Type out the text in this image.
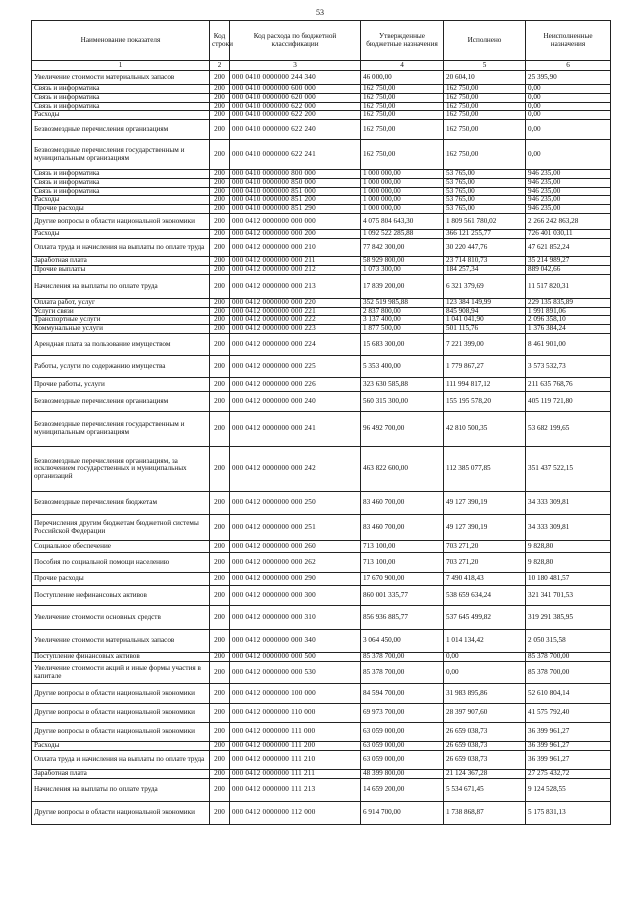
53
Наименование показателя	Код строки	Код расхода по бюджетной классификации	Утвержденные бюджетные назначения	Исполнено	Неисполненные назначения
1	2	3	4	5	6
Увеличение стоимости материальных запасов	200	000 0410 0000000 244 340	46 000,00	20 604,10	25 395,90
Связь и информатика	200	000 0410 0000000 600 000	162 750,00	162 750,00	0,00
Связь и информатика	200	000 0410 0000000 620 000	162 750,00	162 750,00	0,00
Связь и информатика	200	000 0410 0000000 622 000	162 750,00	162 750,00	0,00
Расходы	200	000 0410 0000000 622 200	162 750,00	162 750,00	0,00
Безвозмездные перечисления организациям	200	000 0410 0000000 622 240	162 750,00	162 750,00	0,00
Безвозмездные перечисления государственным и муниципальным организациям	200	000 0410 0000000 622 241	162 750,00	162 750,00	0,00
Связь и информатика	200	000 0410 0000000 800 000	1 000 000,00	53 765,00	946 235,00
Связь и информатика	200	000 0410 0000000 850 000	1 000 000,00	53 765,00	946 235,00
Связь и информатика	200	000 0410 0000000 851 000	1 000 000,00	53 765,00	946 235,00
Расходы	200	000 0410 0000000 851 200	1 000 000,00	53 765,00	946 235,00
Прочие расходы	200	000 0410 0000000 851 290	1 000 000,00	53 765,00	946 235,00
Другие вопросы в области национальной экономики	200	000 0412 0000000 000 000	4 075 804 643,30	1 809 561 780,02	2 266 242 863,28
Расходы	200	000 0412 0000000 000 200	1 092 522 285,88	366 121 255,77	726 401 030,11
Оплата труда и начисления на выплаты по оплате труда	200	000 0412 0000000 000 210	77 842 300,00	30 220 447,76	47 621 852,24
Заработная плата	200	000 0412 0000000 000 211	58 929 800,00	23 714 810,73	35 214 989,27
Прочие выплаты	200	000 0412 0000000 000 212	1 073 300,00	184 257,34	889 042,66
Начисления на выплаты по оплате труда	200	000 0412 0000000 000 213	17 839 200,00	6 321 379,69	11 517 820,31
Оплата работ, услуг	200	000 0412 0000000 000 220	352 519 985,88	123 384 149,99	229 135 835,89
Услуги связи	200	000 0412 0000000 000 221	2 837 800,00	845 908,94	1 991 891,06
Транспортные услуги	200	000 0412 0000000 000 222	3 137 400,00	1 041 041,90	2 096 358,10
Коммунальные услуги	200	000 0412 0000000 000 223	1 877 500,00	501 115,76	1 376 384,24
Арендная плата за пользование имуществом	200	000 0412 0000000 000 224	15 683 300,00	7 221 399,00	8 461 901,00
Работы, услуги по содержанию имущества	200	000 0412 0000000 000 225	5 353 400,00	1 779 867,27	3 573 532,73
Прочие работы, услуги	200	000 0412 0000000 000 226	323 630 585,88	111 994 817,12	211 635 768,76
Безвозмездные перечисления организациям	200	000 0412 0000000 000 240	560 315 300,00	155 195 578,20	405 119 721,80
Безвозмездные перечисления государственным и муниципальным организациям	200	000 0412 0000000 000 241	96 492 700,00	42 810 500,35	53 682 199,65
Безвозмездные перечисления организациям, за исключением государственных и муниципальных организаций	200	000 0412 0000000 000 242	463 822 600,00	112 385 077,85	351 437 522,15
Безвозмездные перечисления бюджетам	200	000 0412 0000000 000 250	83 460 700,00	49 127 390,19	34 333 309,81
Перечисления другим бюджетам бюджетной системы Российской Федерации	200	000 0412 0000000 000 251	83 460 700,00	49 127 390,19	34 333 309,81
Социальное обеспечение	200	000 0412 0000000 000 260	713 100,00	703 271,20	9 828,80
Пособия по социальной помощи населению	200	000 0412 0000000 000 262	713 100,00	703 271,20	9 828,80
Прочие расходы	200	000 0412 0000000 000 290	17 670 900,00	7 490 418,43	10 180 481,57
Поступление нефинансовых активов	200	000 0412 0000000 000 300	860 001 335,77	538 659 634,24	321 341 701,53
Увеличение стоимости основных средств	200	000 0412 0000000 000 310	856 936 885,77	537 645 499,82	319 291 385,95
Увеличение стоимости материальных запасов	200	000 0412 0000000 000 340	3 064 450,00	1 014 134,42	2 050 315,58
Поступление финансовых активов	200	000 0412 0000000 000 500	85 378 700,00	0,00	85 378 700,00
Увеличение стоимости акций и иные формы участия в капитале	200	000 0412 0000000 000 530	85 378 700,00	0,00	85 378 700,00
Другие вопросы в области национальной экономики	200	000 0412 0000000 100 000	84 594 700,00	31 983 895,86	52 610 804,14
Другие вопросы в области национальной экономики	200	000 0412 0000000 110 000	69 973 700,00	28 397 907,60	41 575 792,40
Другие вопросы в области национальной экономики	200	000 0412 0000000 111 000	63 059 000,00	26 659 038,73	36 399 961,27
Расходы	200	000 0412 0000000 111 200	63 059 000,00	26 659 038,73	36 399 961,27
Оплата труда и начисления на выплаты по оплате труда	200	000 0412 0000000 111 210	63 059 000,00	26 659 038,73	36 399 961,27
Заработная плата	200	000 0412 0000000 111 211	48 399 800,00	21 124 367,28	27 275 432,72
Начисления на выплаты по оплате труда	200	000 0412 0000000 111 213	14 659 200,00	5 534 671,45	9 124 528,55
Другие вопросы в области национальной экономики	200	000 0412 0000000 112 000	6 914 700,00	1 738 868,87	5 175 831,13
